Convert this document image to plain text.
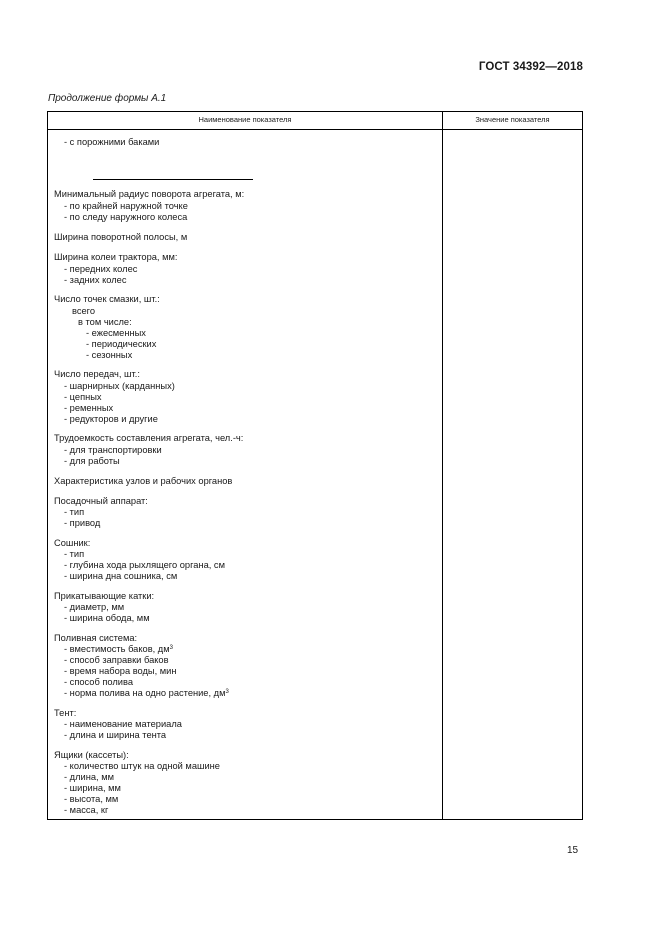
ГОСТ 34392—2018
Продолжение формы А.1
Наименование показателя	Значение показателя
- с порожними баками
Минимальный радиус поворота агрегата, м:
- по крайней наружной точке
- по следу наружного колеса
Ширина поворотной полосы, м
Ширина колеи трактора, мм:
- передних колес
- задних колес
Число точек смазки, шт.:
всего
в том числе:
- ежесменных
- периодических
- сезонных
Число передач, шт.:
- шарнирных (карданных)
- цепных
- ременных
- редукторов и другие
Трудоемкость составления агрегата, чел.-ч:
- для транспортировки
- для работы
Характеристика узлов и рабочих органов
Посадочный аппарат:
- тип
- привод
Сошник:
- тип
- глубина хода рыхлящего органа, см
- ширина дна сошника, см
Прикатывающие катки:
- диаметр, мм
- ширина обода, мм
Поливная система:
- вместимость баков, $дм^3$
- способ заправки баков
- время набора воды, мин
- способ полива
- норма полива на одно растение, $дм^3$
Тент:
- наименование материала
- длина и ширина тента
Ящики (кассеты):
- количество штук на одной машине
- длина, мм
- ширина, мм
- высота, мм
- масса, кг
15
